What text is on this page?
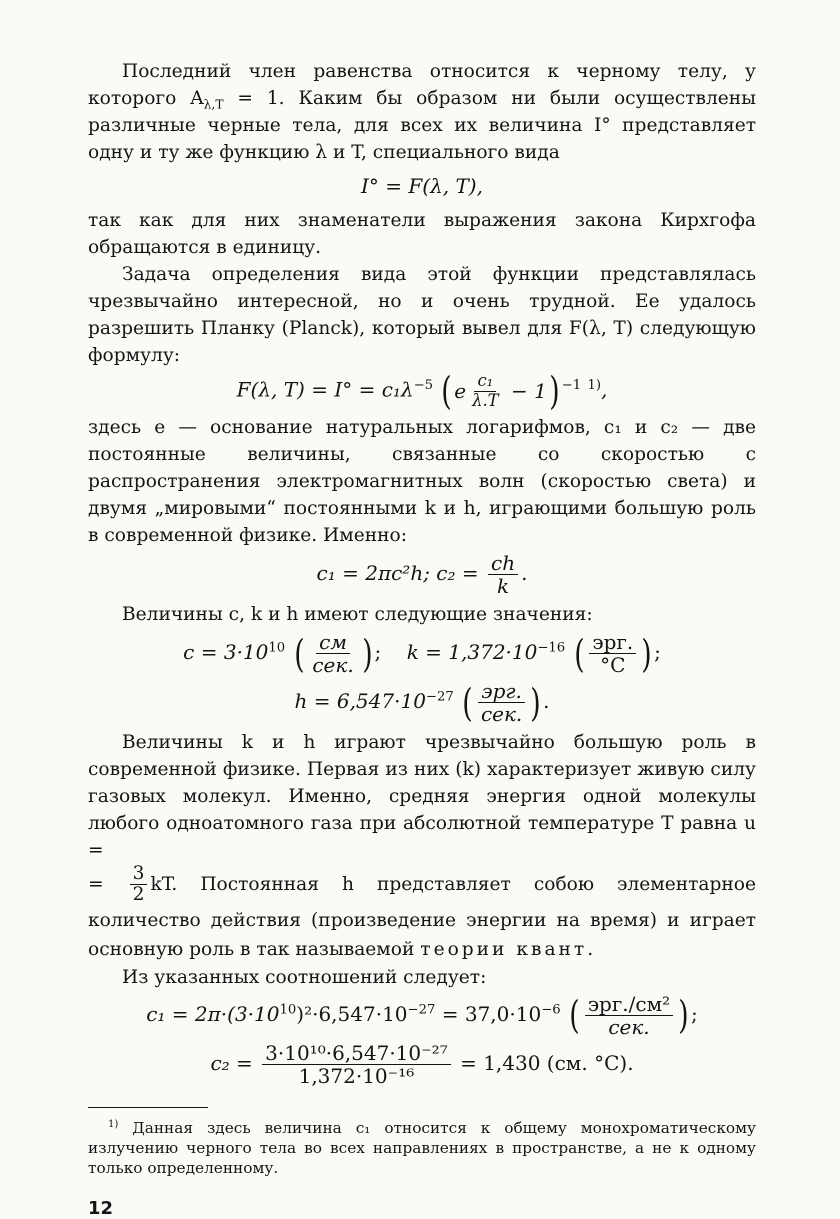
Последний член равенства относится к черному телу, у которого $A_{\lambda,T} = 1$. Каким бы образом ни были осуществлены различные черные тела, для всех их величина I° представляет одну и ту же функцию λ и T, специального вида

I° = F(λ, T),

так как для них знаменатели выражения закона Кирхгофа обращаются в единицу.

Задача определения вида этой функции представлялась чрезвычайно интересной, но и очень трудной. Ее удалось разрешить Планку (Planck), который вывел для F(λ, T) следующую формулу:

F(λ, $T) = I^\circ = c_1\lambda^{-5}$ ( e $\frac{\text{c₁}}{\lambda.T}$
− 1 ) $^{-1}$ $^{1)}$,

здесь e — основание натуральных логарифмов, c₁ и c₂ — две постоянные величины, связанные со скоростью c распространения электромагнитных волн (скоростью света) и двумя „мировыми“ постоянными k и h, играющими большую роль в современной физике. Именно:

c₁ = 2πc²h; $c_2 = \frac{ch}{k}$ .

Величины c, k и h имеют следующие значения:

$c = 3\cdot 10^{10}$ ( $\frac{см}{\text{сек.}}$ ) ;    $k = 1,372\cdot 10^{-16}$ ( $\frac{\text{эрг.}}{^\circ C}$ ) ;
$h = 6,547\cdot 10^{-27}$ ( $\frac{\text{эрг.}}{\text{сек.}}$ ) .

Величины k и h играют чрезвычайно большую роль в современной физике. Первая из них (k) характеризует живую силу газовых молекул. Именно, средняя энергия одной молекулы любого одноатомного газа при абсолютной температуре T равна u =

= $\frac{3}{2}$ kT. Постоянная h представляет собою элементарное количество действия (произведение энергии на время) и играет основную роль в так называемой теории квант.

Из указанных соотношений следует:

$c_1 = 2\pi\cdot(3\cdot 10^{10})^2\cdot 6,547\cdot 10^{-27} = 37,0\cdot 10^{-6}$ ( $\frac{\text{эрг./см²}}{\text{сек.}}$ ) ;
$c_2 = \frac{\text{3·10¹⁰·6,547·10⁻²⁷}}{\text{1,372·10⁻¹⁶}} = 1,430$ (см. °C).

$^{1)}$ Данная здесь величина c₁ относится к общему монохроматическому излучению черного тела во всех направлениях в пространстве, а не к одному только определенному.

12
